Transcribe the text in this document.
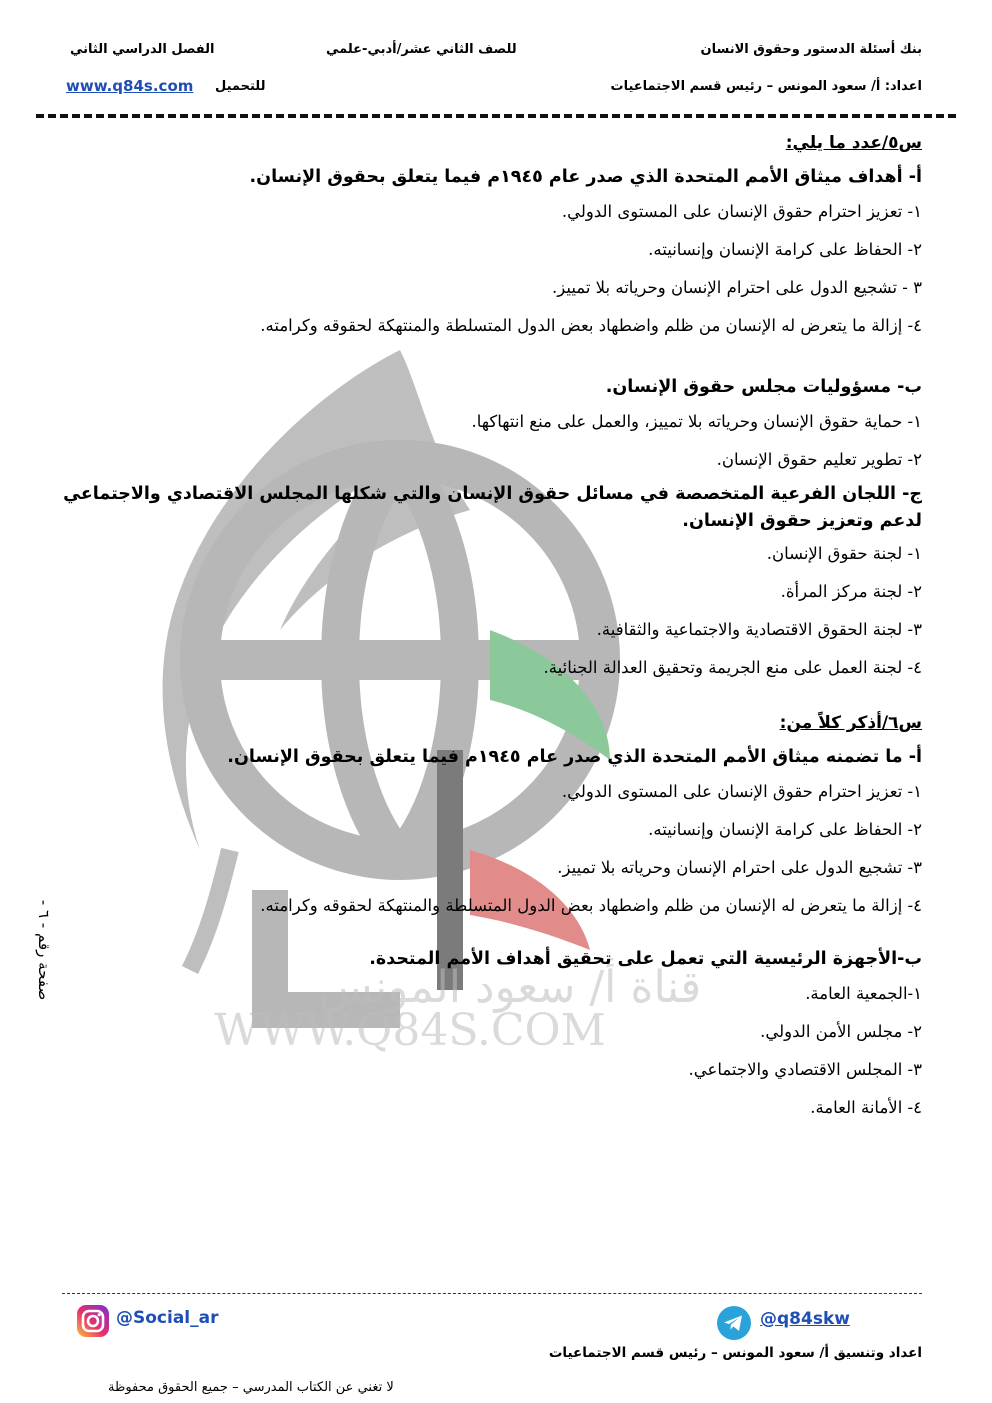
قناة أ/ سعود المونس
WWW.Q84S.COM
بنك أسئلة الدستور وحقوق الانسان
للصف الثاني عشر/أدبي-علمي
الفصل الدراسي الثاني
اعداد: أ/ سعود المونس – رئيس قسم الاجتماعيات
للتحميل
www.q84s.com
س٥/عدد ما يلي:

أ- أهداف ميثاق الأمم المتحدة الذي صدر عام ١٩٤٥م فيما يتعلق بحقوق الإنسان.

١- تعزيز احترام حقوق الإنسان على المستوى الدولي.
٢- الحفاظ على كرامة الإنسان وإنسانيته.
٣ - تشجيع الدول على احترام الإنسان وحرياته بلا تمييز.
٤- إزالة ما يتعرض له الإنسان من ظلم واضطهاد بعض الدول المتسلطة والمنتهكة لحقوقه وكرامته.

ب- مسؤوليات مجلس حقوق الإنسان.

١- حماية حقوق الإنسان وحرياته بلا تمييز، والعمل على منع انتهاكها.
٢- تطوير تعليم حقوق الإنسان.

ج- اللجان الفرعية المتخصصة في مسائل حقوق الإنسان والتي شكلها المجلس الاقتصادي والاجتماعي لدعم وتعزيز حقوق الإنسان.

١- لجنة حقوق الإنسان.
٢- لجنة مركز المرأة.
٣- لجنة الحقوق الاقتصادية والاجتماعية والثقافية.
٤- لجنة العمل على منع الجريمة وتحقيق العدالة الجنائية.
س٦/أذكر كلاً من:

أ- ما تضمنه ميثاق الأمم المتحدة الذي صدر عام ١٩٤٥م فيما يتعلق بحقوق الإنسان.

١- تعزيز احترام حقوق الإنسان على المستوى الدولي.
٢- الحفاظ على كرامة الإنسان وإنسانيته.
٣- تشجيع الدول على احترام الإنسان وحرياته بلا تمييز.
٤- إزالة ما يتعرض له الإنسان من ظلم واضطهاد بعض الدول المتسلطة والمنتهكة لحقوقه وكرامته.

ب-الأجهزة الرئيسية التي تعمل على تحقيق أهداف الأمم المتحدة.

١-الجمعية العامة.
٢- مجلس الأمن الدولي.
٣- المجلس الاقتصادي والاجتماعي.
٤- الأمانة العامة.
صفحة رقم - ٦ -
@Social_ar	@q84skw
اعداد وتنسيق أ/ سعود المونس – رئيس قسم الاجتماعيات
لا تغني عن الكتاب المدرسي – جميع الحقوق محفوظة
